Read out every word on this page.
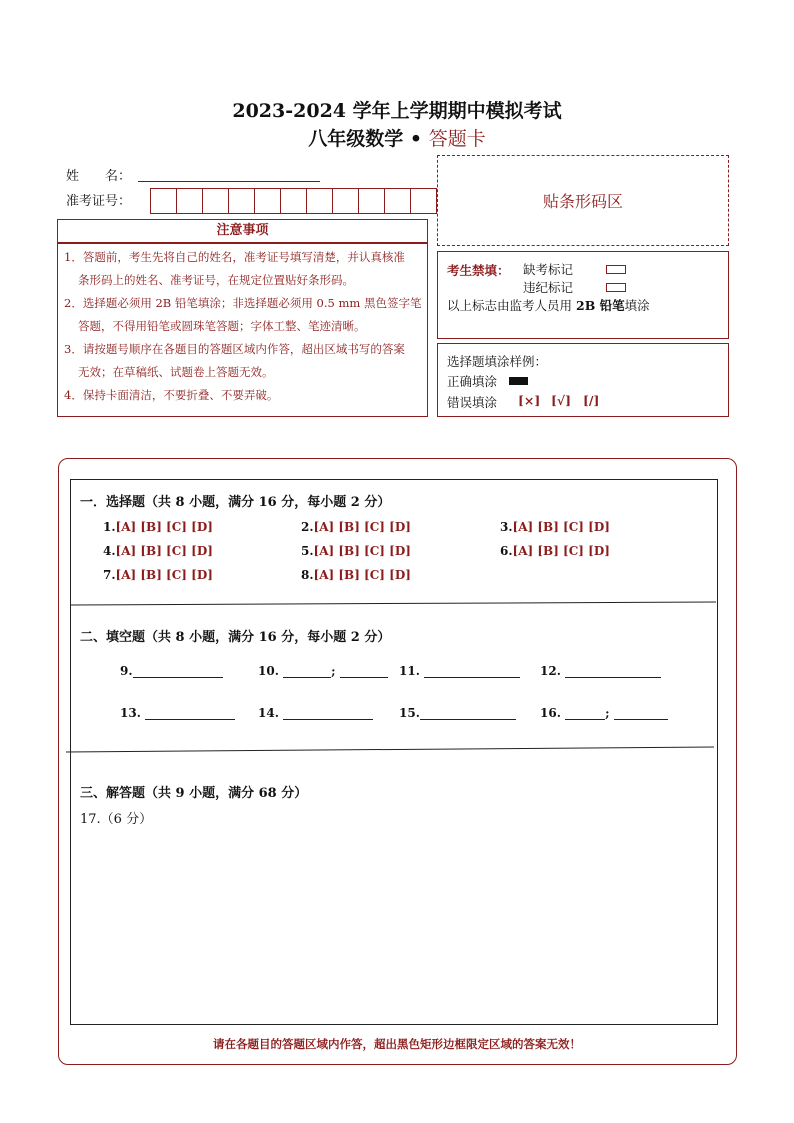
2023-2024 学年上学期期中模拟考试
八年级数学 • 答题卡
姓　　名：
准考证号：	贴条形码区
注意事项
1．答题前，考生先将自己的姓名，准考证号填写清楚，并认真核准
条形码上的姓名、准考证号，在规定位置贴好条形码。
2．选择题必须用 2B 铅笔填涂；非选择题必须用 0.5 mm 黑色签字笔
答题，不得用铅笔或圆珠笔答题；字体工整、笔迹清晰。
3．请按题号顺序在各题目的答题区域内作答，超出区域书写的答案
无效；在草稿纸、试题卷上答题无效。
4．保持卡面清洁，不要折叠、不要弄破。
考生禁填： 缺考标记
违纪标记
以上标志由监考人员用 2B 铅笔填涂
选择题填涂样例：
正确填涂
错误填涂 [×] [√] [/]
一．选择题（共 8 小题，满分 16 分，每小题 2 分）
1.[A] [B] [C] [D]	2.[A] [B] [C] [D]	3.[A] [B] [C] [D]
4.[A] [B] [C] [D]	5.[A] [B] [C] [D]	6.[A] [B] [C] [D]
7.[A] [B] [C] [D]	8.[A] [B] [C] [D]
二、填空题（共 8 小题，满分 16 分，每小题 2 分）
9.	10.	;	11.	12.
13.	14.	15.	16.	;
三、解答题（共 9 小题，满分 68 分）
17.（6 分）
请在各题目的答题区域内作答，超出黑色矩形边框限定区域的答案无效！
